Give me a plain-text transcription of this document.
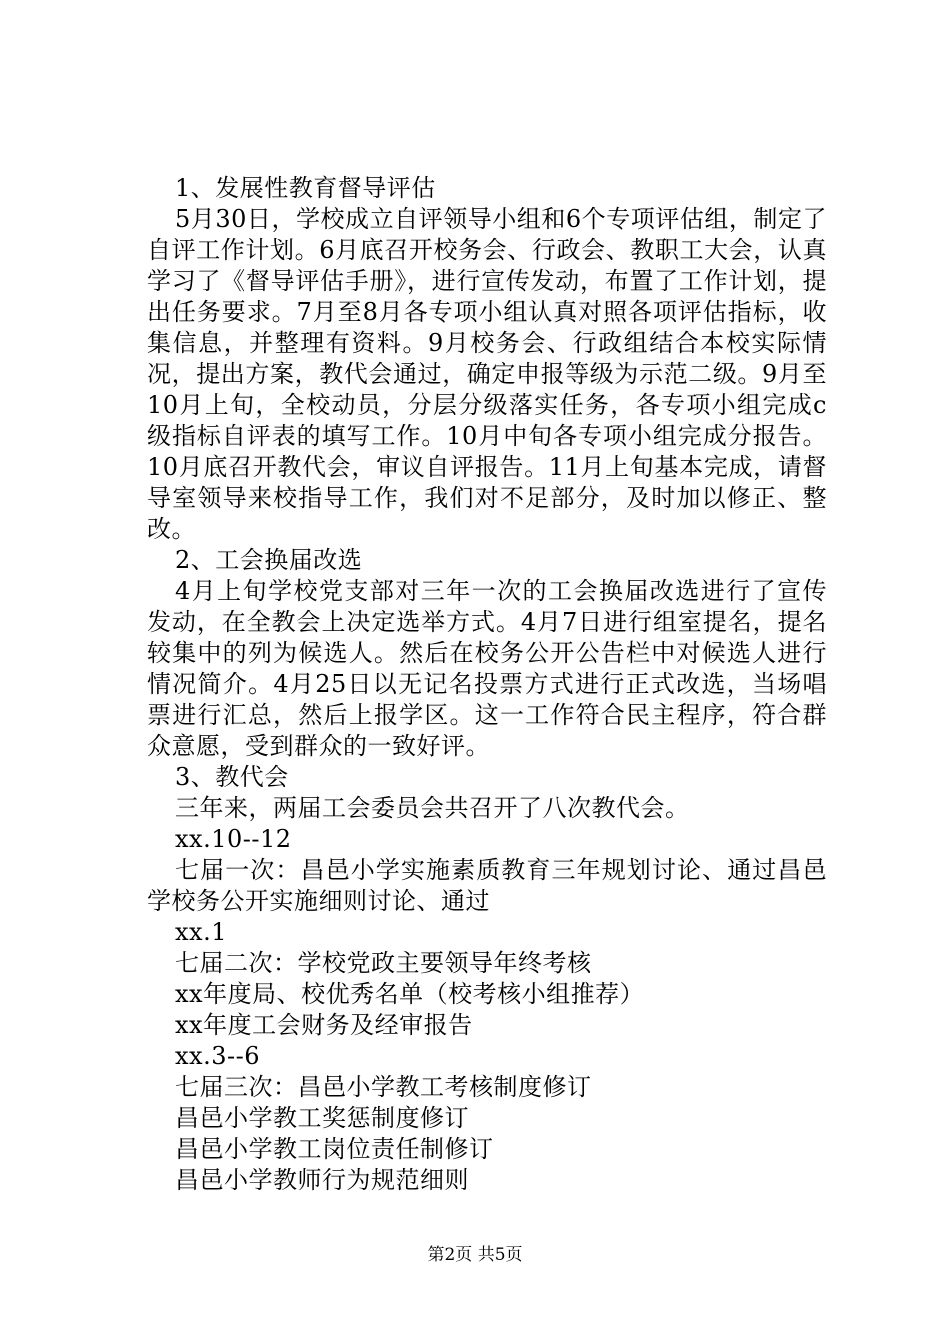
1、发展性教育督导评估

5月30日，学校成立自评领导小组和6个专项评估组，制定了自评工作计划。6月底召开校务会、行政会、教职工大会，认真学习了《督导评估手册》，进行宣传发动，布置了工作计划，提出任务要求。7月至8月各专项小组认真对照各项评估指标，收集信息，并整理有资料。9月校务会、行政组结合本校实际情况，提出方案，教代会通过，确定申报等级为示范二级。9月至10月上旬，全校动员，分层分级落实任务，各专项小组完成c级指标自评表的填写工作。10月中旬各专项小组完成分报告。10月底召开教代会，审议自评报告。11月上旬基本完成，请督导室领导来校指导工作，我们对不足部分，及时加以修正、整改。

2、工会换届改选

4月上旬学校党支部对三年一次的工会换届改选进行了宣传发动，在全教会上决定选举方式。4月7日进行组室提名，提名较集中的列为候选人。然后在校务公开公告栏中对候选人进行情况简介。4月25日以无记名投票方式进行正式改选，当场唱票进行汇总，然后上报学区。这一工作符合民主程序，符合群众意愿，受到群众的一致好评。

3、教代会

三年来，两届工会委员会共召开了八次教代会。

xx.10--12

七届一次：昌邑小学实施素质教育三年规划讨论、通过昌邑学校务公开实施细则讨论、通过

xx.1

七届二次：学校党政主要领导年终考核

xx年度局、校优秀名单（校考核小组推荐）

xx年度工会财务及经审报告

xx.3--6

七届三次：昌邑小学教工考核制度修订

昌邑小学教工奖惩制度修订

昌邑小学教工岗位责任制修订

昌邑小学教师行为规范细则

第2页 共5页
